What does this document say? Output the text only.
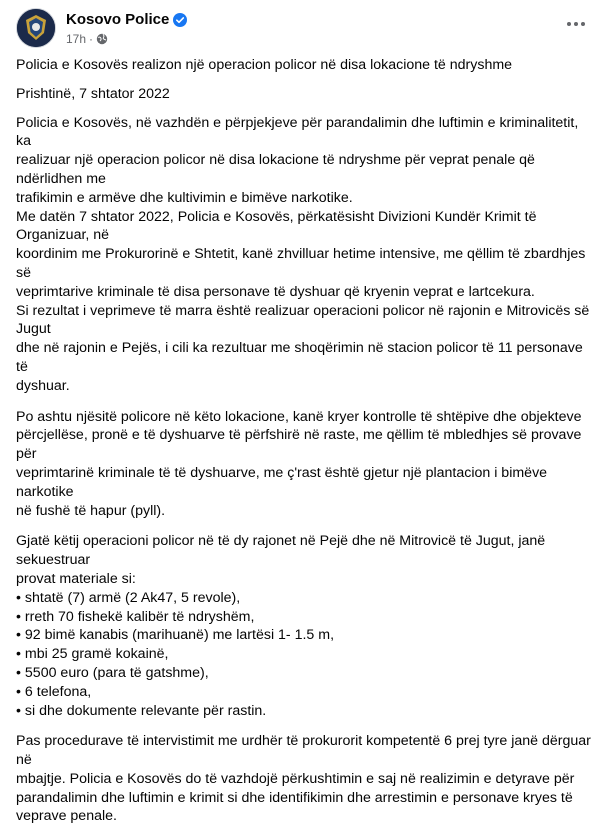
Kosovo Police
17h ·

Policia e Kosovës realizon një operacion policor në disa lokacione të ndryshme

Prishtinë, 7 shtator 2022

Policia e Kosovës, në vazhdën e përpjekjeve për parandalimin dhe luftimin e kriminalitetit, ka
realizuar një operacion policor në disa lokacione të ndryshme për veprat penale që ndërlidhen me
trafikimin e armëve dhe kultivimin e bimëve narkotike.
Me datën 7 shtator 2022, Policia e Kosovës, përkatësisht Divizioni Kundër Krimit të Organizuar, në
koordinim me Prokurorinë e Shtetit, kanë zhvilluar hetime intensive, me qëllim të zbardhjes së
veprimtarive kriminale të disa personave të dyshuar që kryenin veprat e lartcekura.
Si rezultat i veprimeve të marra është realizuar operacioni policor në rajonin e Mitrovicës së Jugut
dhe në rajonin e Pejës, i cili ka rezultuar me shoqërimin në stacion policor të 11 personave të
dyshuar.

Po ashtu njësitë policore në këto lokacione, kanë kryer kontrolle të shtëpive dhe objekteve
përcjellëse, pronë e të dyshuarve të përfshirë në raste, me qëllim të mbledhjes së provave për
veprimtarinë kriminale të të dyshuarve, me ç'rast është gjetur një plantacion i bimëve narkotike
në fushë të hapur (pyll).

Gjatë këtij operacioni policor në të dy rajonet në Pejë dhe në Mitrovicë të Jugut, janë sekuestruar
provat materiale si:

• shtatë (7) armë (2 Ak47, 5 revole),
• rreth 70 fishekë kalibër të ndryshëm,
• 92 bimë kanabis (marihuanë) me lartësi 1- 1.5 m,
• mbi 25 gramë kokainë,
• 5500 euro (para të gatshme),
• 6 telefona,
• si dhe dokumente relevante për rastin.

Pas procedurave të intervistimit me urdhër të prokurorit kompetentë 6 prej tyre janë dërguar në
mbajtje. Policia e Kosovës do të vazhdojë përkushtimin e saj në realizimin e detyrave për
parandalimin dhe luftimin e krimit si dhe identifikimin dhe arrestimin e personave kryes të
veprave penale.
